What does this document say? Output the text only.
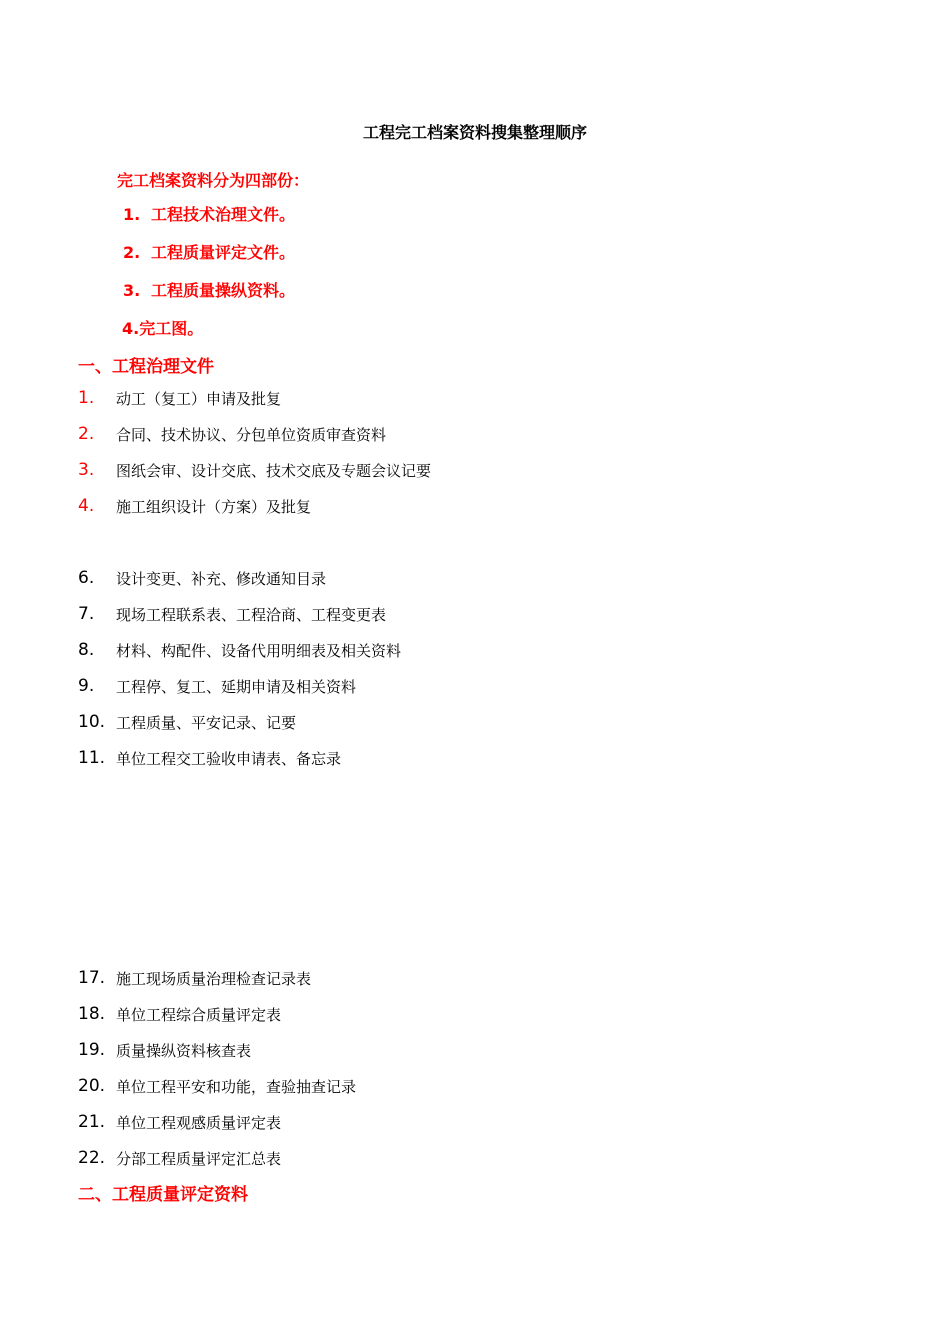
工程完工档案资料搜集整理顺序
完工档案资料分为四部份：
1. 工程技术治理文件。
2. 工程质量评定文件。
3. 工程质量操纵资料。
4.完工图。
一、工程治理文件
1.	动工（复工）申请及批复
2.	合同、技术协议、分包单位资质审查资料
3.	图纸会审、设计交底、技术交底及专题会议记要
4.	施工组织设计（方案）及批复
6.	设计变更、补充、修改通知目录
7.	现场工程联系表、工程洽商、工程变更表
8.	材料、构配件、设备代用明细表及相关资料
9.	工程停、复工、延期申请及相关资料
10. 工程质量、平安记录、记要
11. 单位工程交工验收申请表、备忘录
17. 施工现场质量治理检查记录表
18. 单位工程综合质量评定表
19. 质量操纵资料核查表
20. 单位工程平安和功能，查验抽查记录
21. 单位工程观感质量评定表
22. 分部工程质量评定汇总表
二、工程质量评定资料
